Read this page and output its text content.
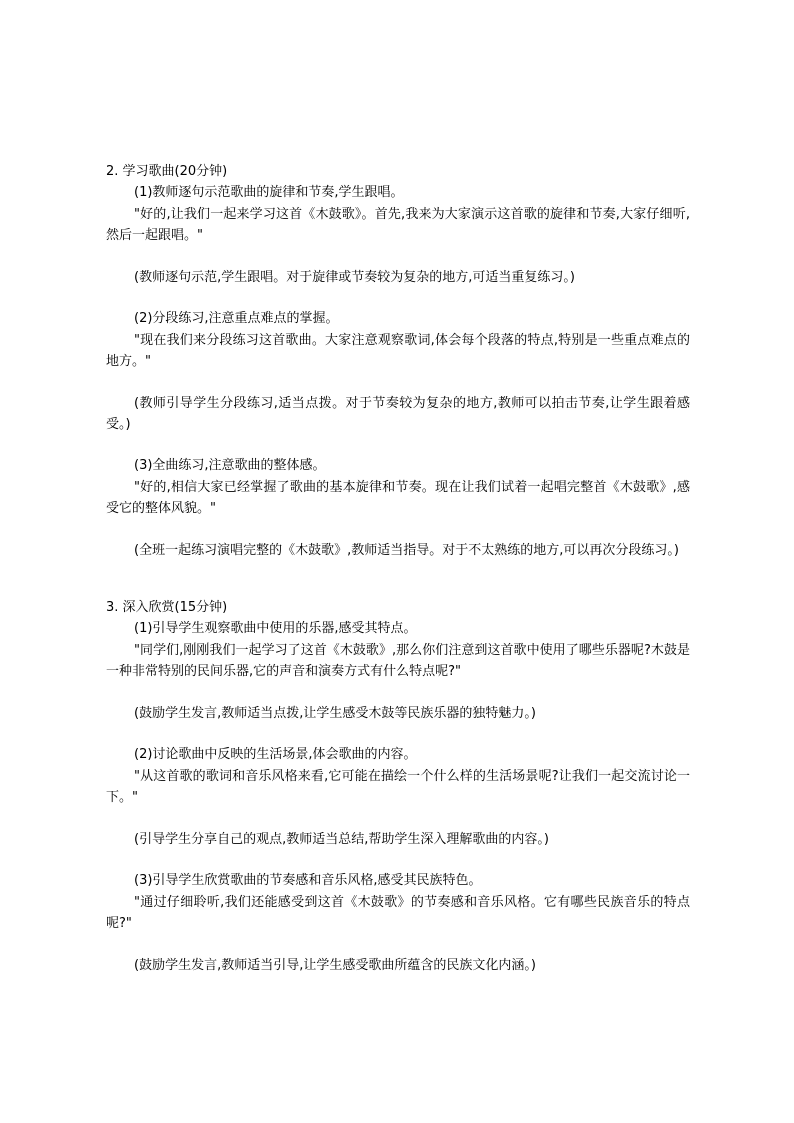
2. 学习歌曲(20分钟)
(1)教师逐句示范歌曲的旋律和节奏,学生跟唱。
"好的,让我们一起来学习这首《木鼓歌》。首先,我来为大家演示这首歌的旋律和节奏,大家仔细听,然后一起跟唱。"
(教师逐句示范,学生跟唱。对于旋律或节奏较为复杂的地方,可适当重复练习。)
(2)分段练习,注意重点难点的掌握。
"现在我们来分段练习这首歌曲。大家注意观察歌词,体会每个段落的特点,特别是一些重点难点的地方。"
(教师引导学生分段练习,适当点拨。对于节奏较为复杂的地方,教师可以拍击节奏,让学生跟着感受。)
(3)全曲练习,注意歌曲的整体感。
"好的,相信大家已经掌握了歌曲的基本旋律和节奏。现在让我们试着一起唱完整首《木鼓歌》,感受它的整体风貌。"
(全班一起练习演唱完整的《木鼓歌》,教师适当指导。对于不太熟练的地方,可以再次分段练习。)
3. 深入欣赏(15分钟)
(1)引导学生观察歌曲中使用的乐器,感受其特点。
"同学们,刚刚我们一起学习了这首《木鼓歌》,那么你们注意到这首歌中使用了哪些乐器呢?木鼓是一种非常特别的民间乐器,它的声音和演奏方式有什么特点呢?"
(鼓励学生发言,教师适当点拨,让学生感受木鼓等民族乐器的独特魅力。)
(2)讨论歌曲中反映的生活场景,体会歌曲的内容。
"从这首歌的歌词和音乐风格来看,它可能在描绘一个什么样的生活场景呢?让我们一起交流讨论一下。"
(引导学生分享自己的观点,教师适当总结,帮助学生深入理解歌曲的内容。)
(3)引导学生欣赏歌曲的节奏感和音乐风格,感受其民族特色。
"通过仔细聆听,我们还能感受到这首《木鼓歌》的节奏感和音乐风格。它有哪些民族音乐的特点呢?"
(鼓励学生发言,教师适当引导,让学生感受歌曲所蕴含的民族文化内涵。)
